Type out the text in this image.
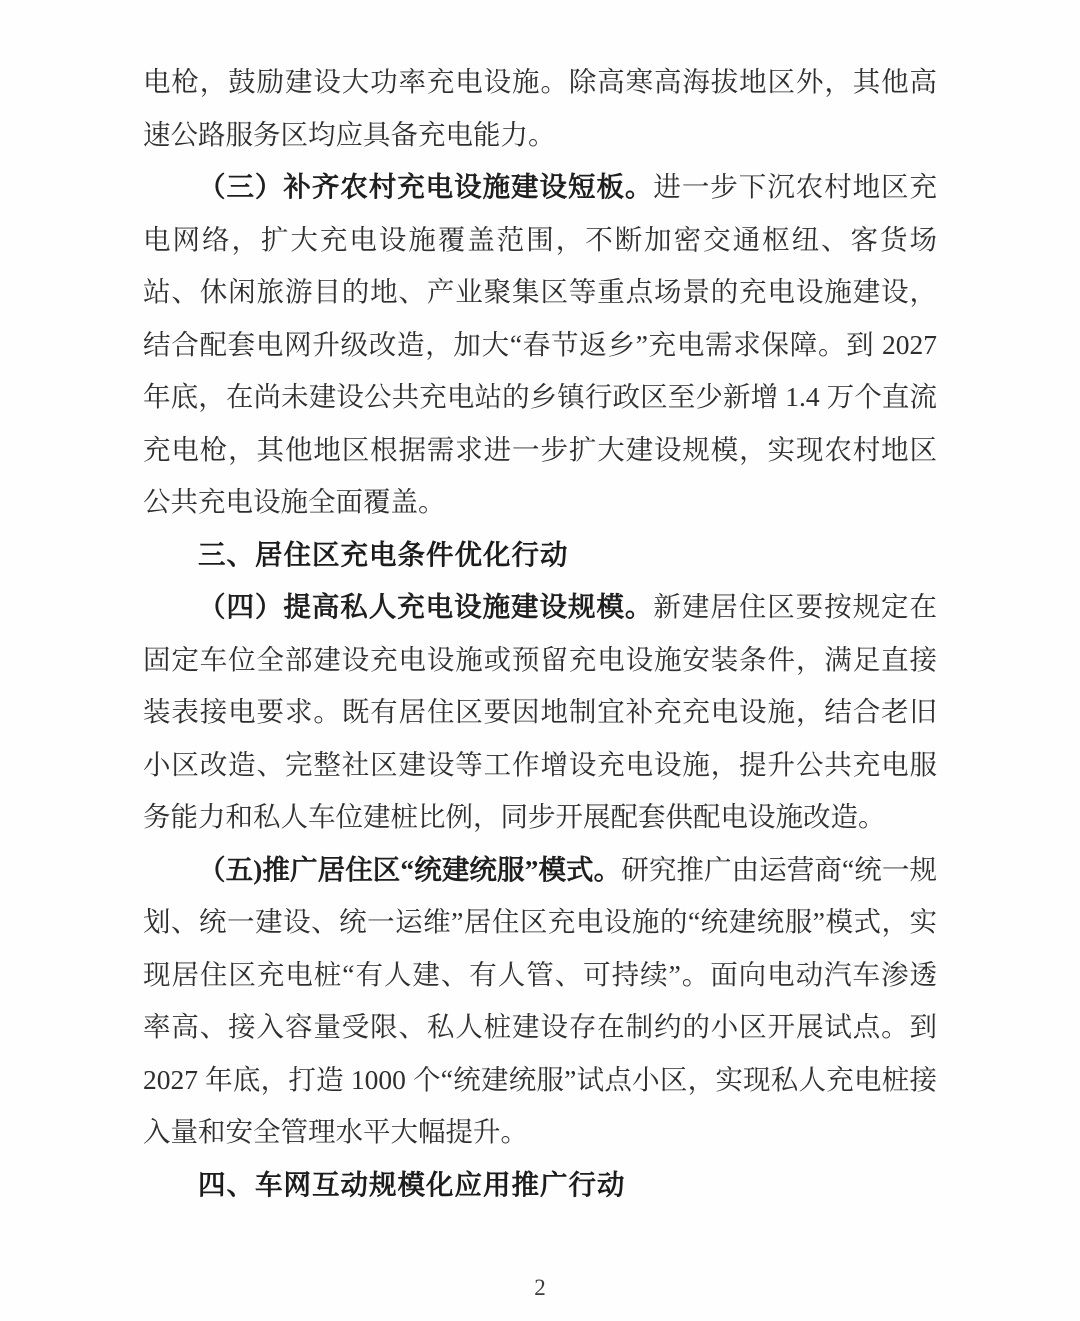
电枪，鼓励建设大功率充电设施。除高寒高海拔地区外，其他高速公路服务区均应具备充电能力。

（三）补齐农村充电设施建设短板。进一步下沉农村地区充电网络，扩大充电设施覆盖范围，不断加密交通枢纽、客货场站、休闲旅游目的地、产业聚集区等重点场景的充电设施建设，结合配套电网升级改造，加大“春节返乡”充电需求保障。到 2027 年底，在尚未建设公共充电站的乡镇行政区至少新增 1.4 万个直流充电枪，其他地区根据需求进一步扩大建设规模，实现农村地区公共充电设施全面覆盖。

三、居住区充电条件优化行动

（四）提高私人充电设施建设规模。新建居住区要按规定在固定车位全部建设充电设施或预留充电设施安装条件，满足直接装表接电要求。既有居住区要因地制宜补充充电设施，结合老旧小区改造、完整社区建设等工作增设充电设施，提升公共充电服务能力和私人车位建桩比例，同步开展配套供配电设施改造。

（五)推广居住区“统建统服”模式。研究推广由运营商“统一规划、统一建设、统一运维”居住区充电设施的“统建统服”模式，实现居住区充电桩“有人建、有人管、可持续”。面向电动汽车渗透率高、接入容量受限、私人桩建设存在制约的小区开展试点。到 2027 年底，打造 1000 个“统建统服”试点小区，实现私人充电桩接入量和安全管理水平大幅提升。

四、车网互动规模化应用推广行动
2
